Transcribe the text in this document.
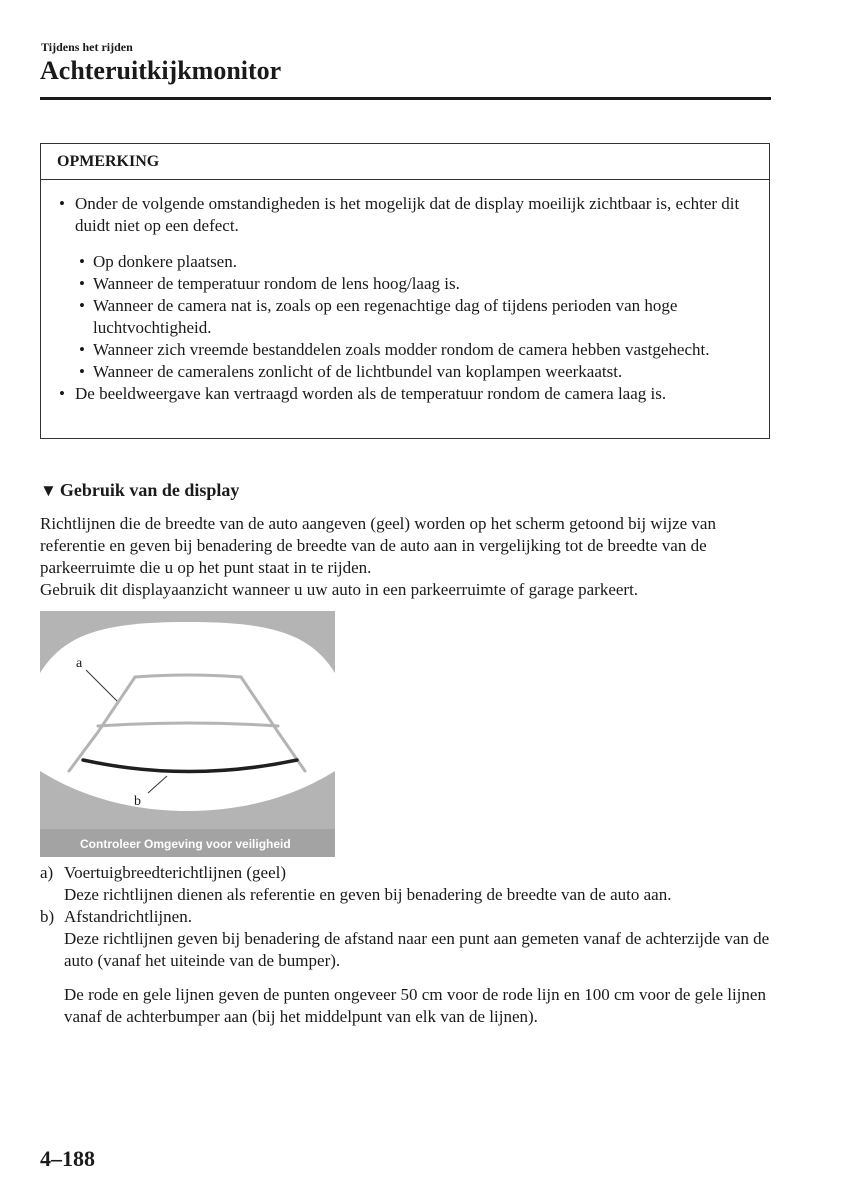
Tijdens het rijden
Achteruitkijkmonitor
OPMERKING
• Onder de volgende omstandigheden is het mogelijk dat de display moeilijk zichtbaar is, echter dit duidt niet op een defect.
• Op donkere plaatsen.
• Wanneer de temperatuur rondom de lens hoog/laag is.
• Wanneer de camera nat is, zoals op een regenachtige dag of tijdens perioden van hoge luchtvochtigheid.
• Wanneer zich vreemde bestanddelen zoals modder rondom de camera hebben vastgehecht.
• Wanneer de cameralens zonlicht of de lichtbundel van koplampen weerkaatst.
• De beeldweergave kan vertraagd worden als de temperatuur rondom de camera laag is.
▼ Gebruik van de display
Richtlijnen die de breedte van de auto aangeven (geel) worden op het scherm getoond bij wijze van referentie en geven bij benadering de breedte van de auto aan in vergelijking tot de breedte van de parkeerruimte die u op het punt staat in te rijden.
Gebruik dit displayaanzicht wanneer u uw auto in een parkeerruimte of garage parkeert.
a
b
Controleer Omgeving voor veiligheid
a) Voertuigbreedterichtlijnen (geel)
Deze richtlijnen dienen als referentie en geven bij benadering de breedte van de auto aan.
b) Afstandrichtlijnen.
Deze richtlijnen geven bij benadering de afstand naar een punt aan gemeten vanaf de achterzijde van de auto (vanaf het uiteinde van de bumper).
De rode en gele lijnen geven de punten ongeveer 50 cm voor de rode lijn en 100 cm voor de gele lijnen vanaf de achterbumper aan (bij het middelpunt van elk van de lijnen).
4–188
